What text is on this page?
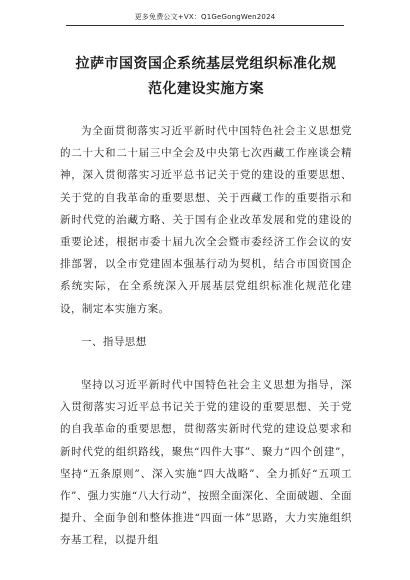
更多免费公文+VX：Q1GeGongWen2024
拉萨市国资国企系统基层党组织标准化规范化建设实施方案

为全面贯彻落实习近平新时代中国特色社会主义思想党的二十大和二十届三中全会及中央第七次西藏工作座谈会精神，深入贯彻落实习近平总书记关于党的建设的重要思想、关于党的自我革命的重要思想、关于西藏工作的重要指示和新时代党的治藏方略、关于国有企业改革发展和党的建设的重要论述，根据市委十届九次全会暨市委经济工作会议的安排部署，以全市党建固本强基行动为契机，结合市国资国企系统实际，在全系统深入开展基层党组织标准化规范化建设，制定本实施方案。

一、指导思想

坚持以习近平新时代中国特色社会主义思想为指导，深入贯彻落实习近平总书记关于党的建设的重要思想、关于党的自我革命的重要思想，贯彻落实新时代党的建设总要求和新时代党的组织路线，聚焦“四件大事”、聚力“四个创建”，坚持“五条原则”、深入实施“四大战略”、全力抓好“五项工作”、强力实施“八大行动”，按照全面深化、全面破题、全面提升、全面争创和整体推进“四面一体”思路，大力实施组织夯基工程，以提升组
